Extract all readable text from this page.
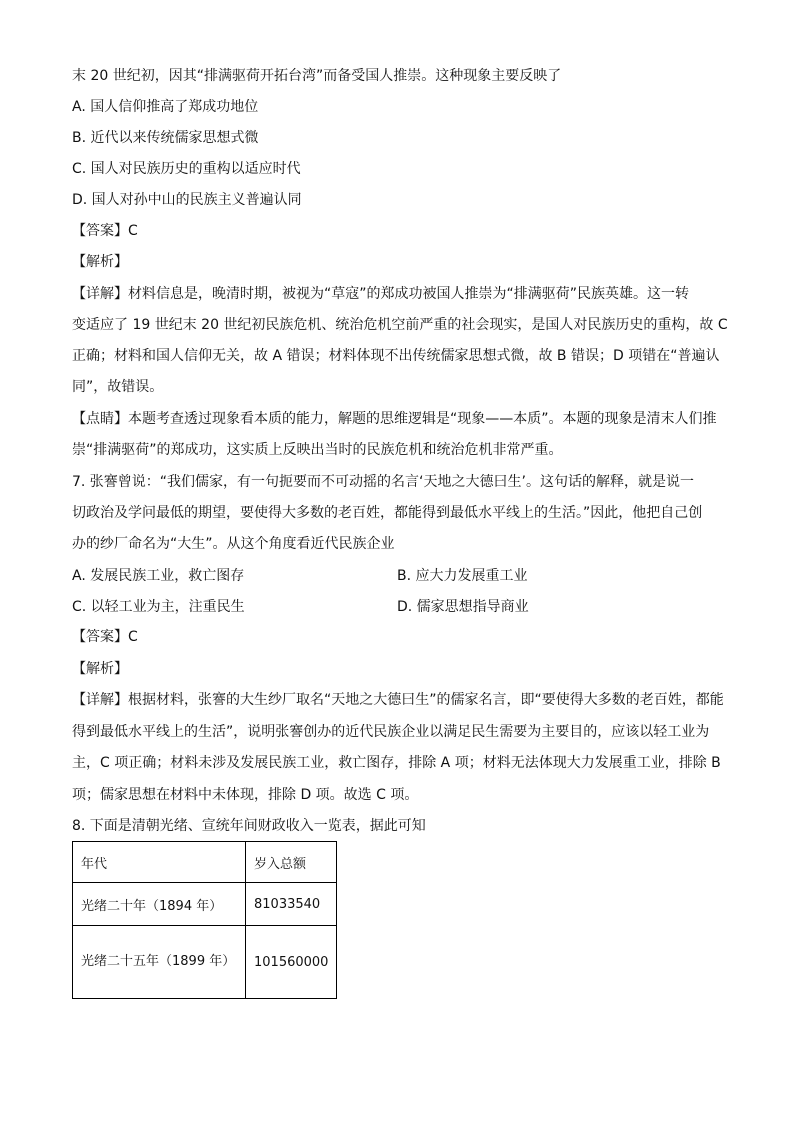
末 20 世纪初，因其“排满驱荷开拓台湾”而备受国人推崇。这种现象主要反映了
A. 国人信仰推高了郑成功地位
B. 近代以来传统儒家思想式微
C. 国人对民族历史的重构以适应时代
D. 国人对孙中山的民族主义普遍认同
【答案】C
【解析】
【详解】材料信息是，晚清时期，被视为“草寇”的郑成功被国人推崇为“排满驱荷”民族英雄。这一转
变适应了 19 世纪末 20 世纪初民族危机、统治危机空前严重的社会现实，是国人对民族历史的重构，故 C
正确；材料和国人信仰无关，故 A 错误；材料体现不出传统儒家思想式微，故 B 错误；D 项错在“普遍认
同”，故错误。
【点睛】本题考查透过现象看本质的能力，解题的思维逻辑是“现象——本质”。本题的现象是清末人们推
崇“排满驱荷”的郑成功，这实质上反映出当时的民族危机和统治危机非常严重。
7. 张謇曾说：“我们儒家，有一句扼要而不可动摇的名言‘天地之大德曰生’。这句话的解释，就是说一
切政治及学问最低的期望，要使得大多数的老百姓，都能得到最低水平线上的生活。”因此，他把自己创
办的纱厂命名为“大生”。从这个角度看近代民族企业
A. 发展民族工业，救亡图存	B. 应大力发展重工业
C. 以轻工业为主，注重民生	D. 儒家思想指导商业
【答案】C
【解析】
【详解】根据材料，张謇的大生纱厂取名“天地之大德曰生”的儒家名言，即“要使得大多数的老百姓，都能
得到最低水平线上的生活”，说明张謇创办的近代民族企业以满足民生需要为主要目的，应该以轻工业为
主，C 项正确；材料未涉及发展民族工业，救亡图存，排除 A 项；材料无法体现大力发展重工业，排除 B
项；儒家思想在材料中未体现，排除 D 项。故选 C 项。
8. 下面是清朝光绪、宣统年间财政收入一览表，据此可知
年代	岁入总额
光绪二十年（1894 年）	81033540

光绪二十五年（1899 年）	101560000
